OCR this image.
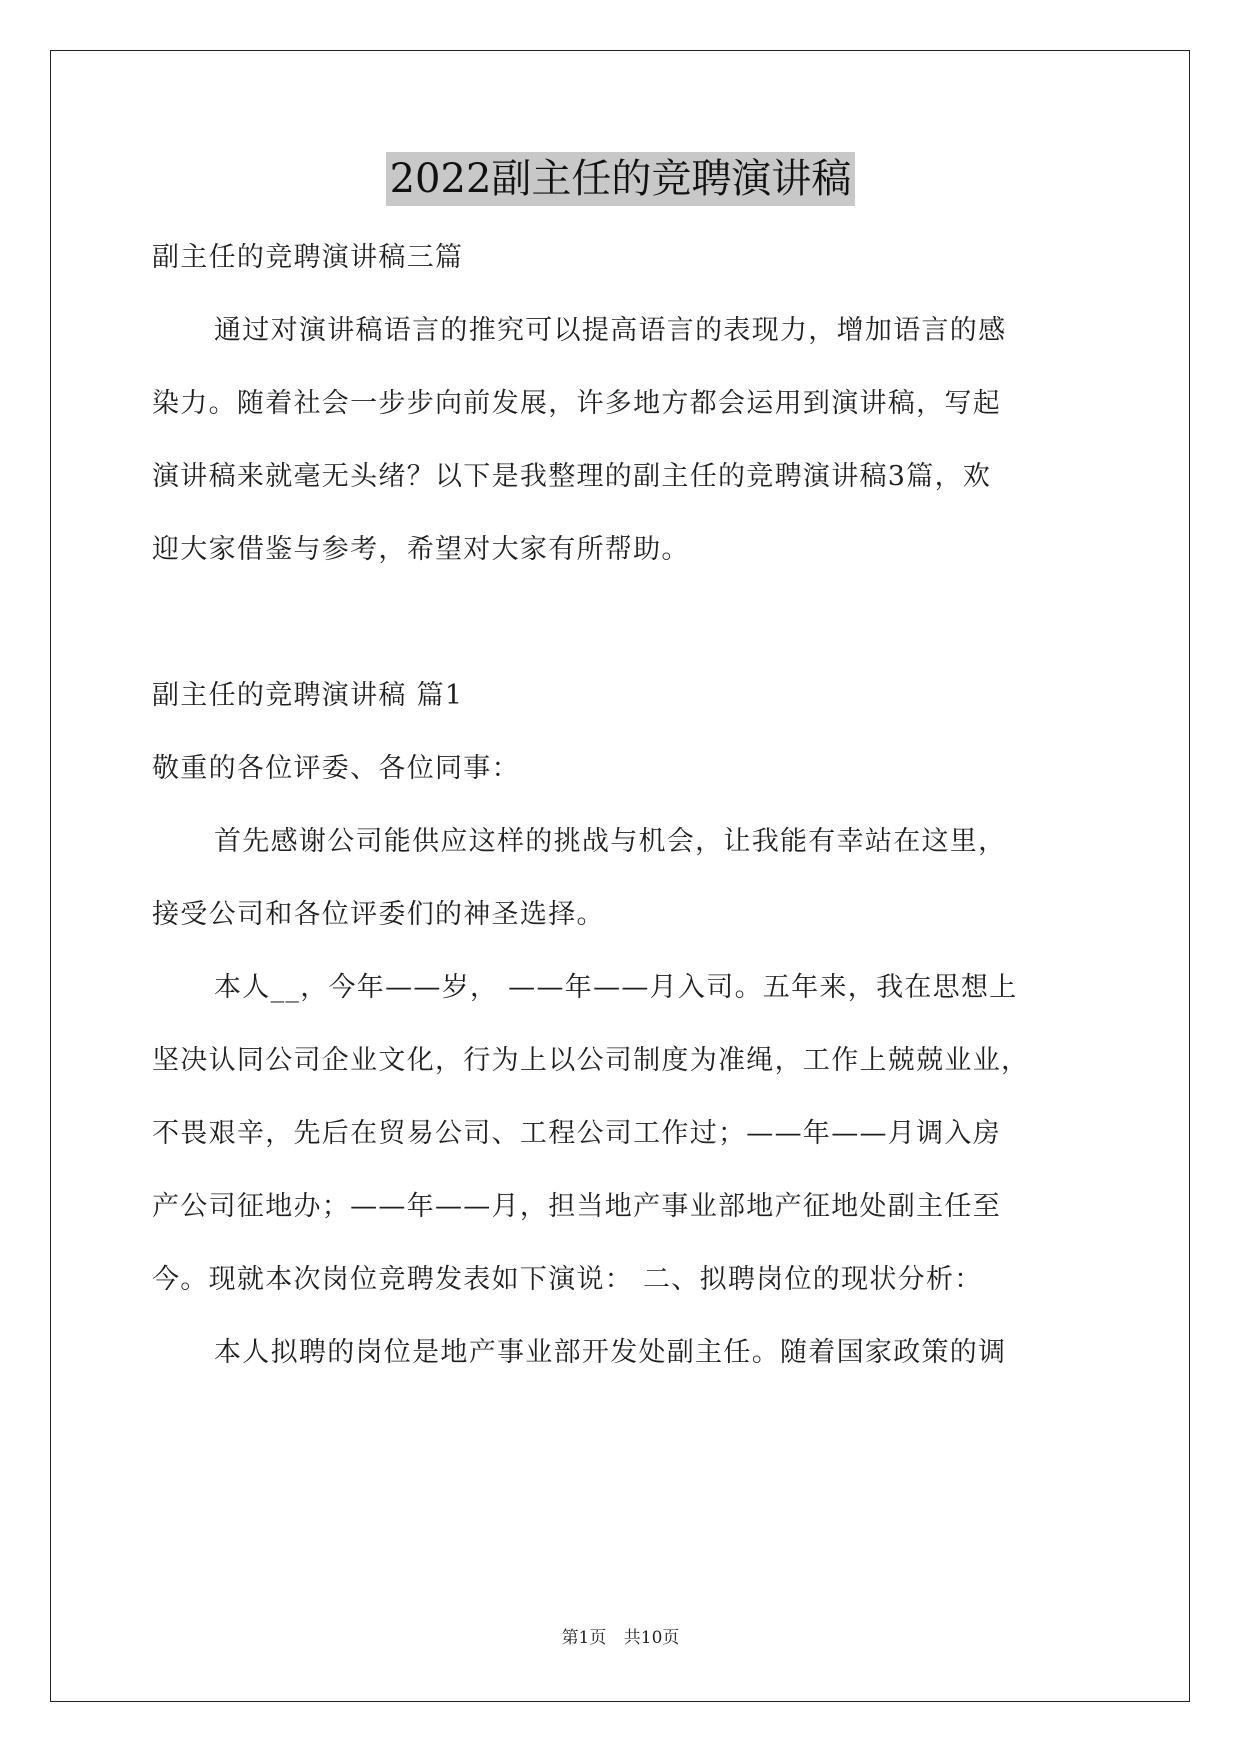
2022副主任的竞聘演讲稿
副主任的竞聘演讲稿三篇
通过对演讲稿语言的推究可以提高语言的表现力，增加语言的感
染力。随着社会一步步向前发展，许多地方都会运用到演讲稿，写起
演讲稿来就毫无头绪？以下是我整理的副主任的竞聘演讲稿3篇，欢
迎大家借鉴与参考，希望对大家有所帮助。
副主任的竞聘演讲稿 篇1
敬重的各位评委、各位同事：
首先感谢公司能供应这样的挑战与机会，让我能有幸站在这里，
接受公司和各位评委们的神圣选择。
本人__，今年——岁， ——年——月入司。五年来，我在思想上
坚决认同公司企业文化，行为上以公司制度为准绳，工作上兢兢业业，
不畏艰辛，先后在贸易公司、工程公司工作过；——年——月调入房
产公司征地办；——年——月，担当地产事业部地产征地处副主任至
今。现就本次岗位竞聘发表如下演说： 二、拟聘岗位的现状分析：
本人拟聘的岗位是地产事业部开发处副主任。随着国家政策的调
第1页 共10页
